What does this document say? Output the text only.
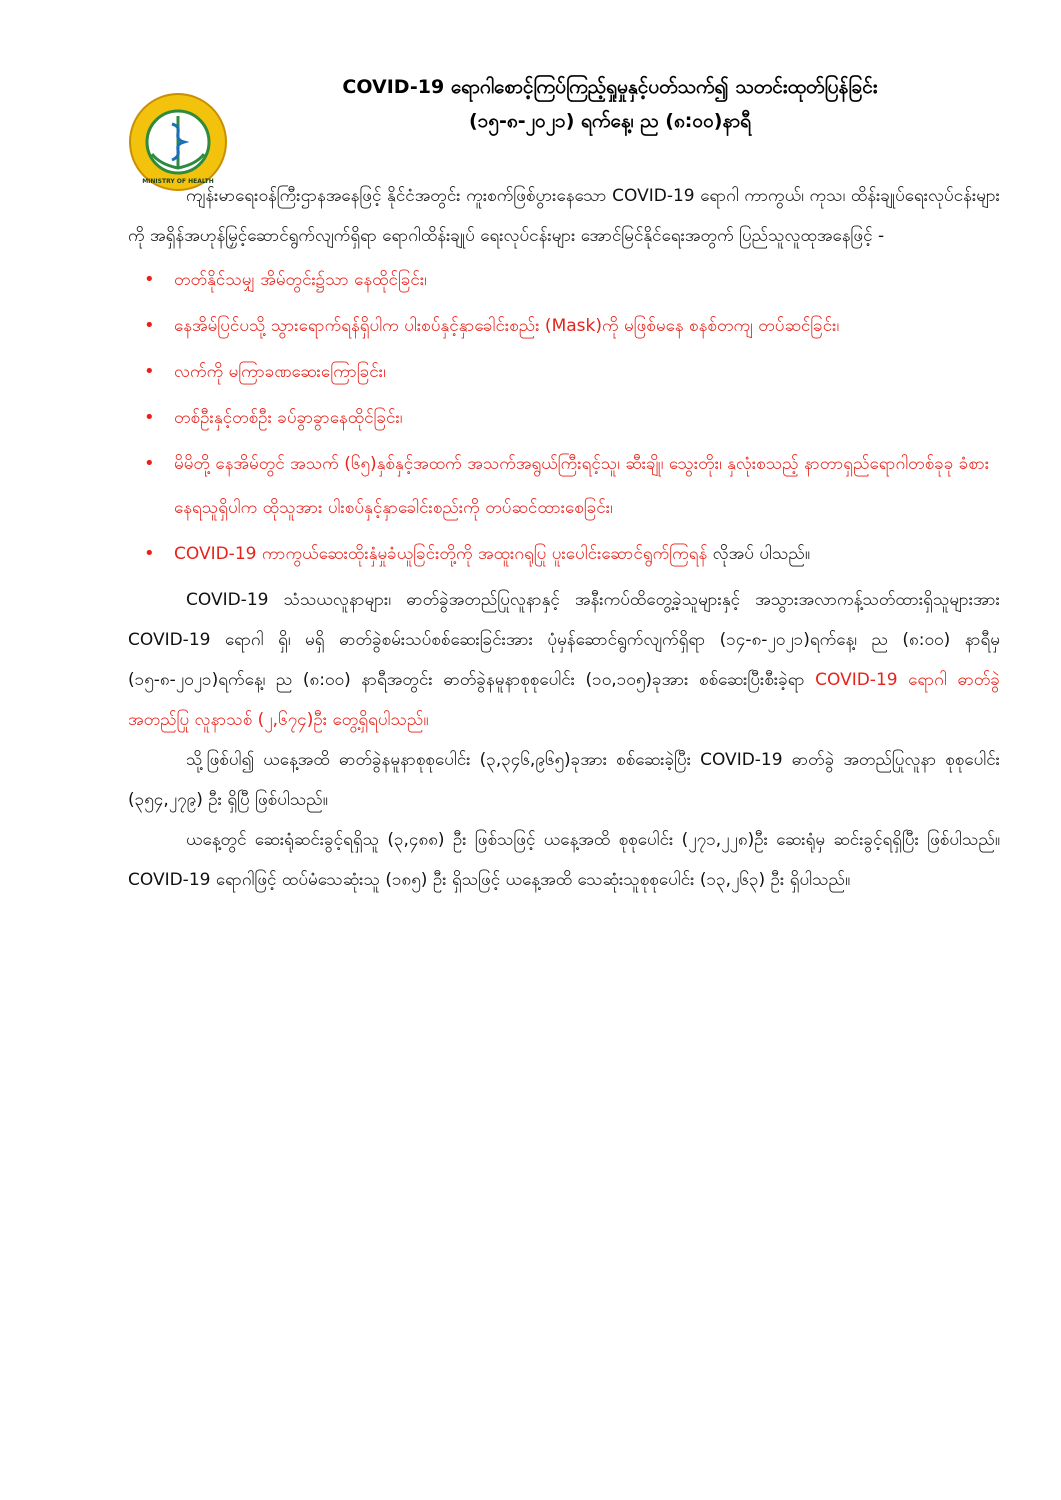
MINISTRY OF HEALTH
COVID-19 ရောဂါစောင့်ကြပ်ကြည့်ရှုမှုနှင့်ပတ်သက်၍ သတင်းထုတ်ပြန်ခြင်း
(၁၅-၈-၂၀၂၁) ရက်နေ့၊ ည (၈:၀၀)နာရီ

ကျန်းမာရေးဝန်ကြီးဌာနအနေဖြင့် နိုင်ငံအတွင်း ကူးစက်ဖြစ်ပွားနေသော COVID-19 ရောဂါ ကာကွယ်၊ ကုသ၊ ထိန်းချုပ်ရေးလုပ်ငန်းများကို အရှိန်အဟုန်မြှင့်ဆောင်ရွက်လျက်ရှိရာ ရောဂါထိန်းချုပ် ရေးလုပ်ငန်းများ အောင်မြင်နိုင်ရေးအတွက် ပြည်သူလူထုအနေဖြင့် -

• တတ်နိုင်သမျှ အိမ်တွင်း၌သာ နေထိုင်ခြင်း၊
• နေအိမ်ပြင်ပသို့ သွားရောက်ရန်ရှိပါက ပါးစပ်နှင့်နှာခေါင်းစည်း (Mask)ကို မဖြစ်မနေ စနစ်တကျ တပ်ဆင်ခြင်း၊
• လက်ကို မကြာခဏဆေးကြောခြင်း၊
• တစ်ဦးနှင့်တစ်ဦး ခပ်ခွာခွာနေထိုင်ခြင်း၊
• မိမိတို့ နေအိမ်တွင် အသက် (၆၅)နှစ်နှင့်အထက် အသက်အရွယ်ကြီးရင့်သူ၊ ဆီးချို၊ သွေးတိုး၊ နှလုံးစသည့် နာတာရှည်ရောဂါတစ်ခုခု ခံစားနေရသူရှိပါက ထိုသူအား ပါးစပ်နှင့်နှာခေါင်းစည်းကို တပ်ဆင်ထားစေခြင်း၊
• COVID-19 ကာကွယ်ဆေးထိုးနှံမှုခံယူခြင်းတို့ကို အထူးဂရုပြု ပူးပေါင်းဆောင်ရွက်ကြရန် လိုအပ် ပါသည်။

COVID-19 သံသယလူနာများ၊ ဓာတ်ခွဲအတည်ပြုလူနာနှင့် အနီးကပ်ထိတွေ့ခဲ့သူများနှင့် အသွားအလာကန့်သတ်ထားရှိသူများအား COVID-19 ရောဂါ ရှိ၊ မရှိ ဓာတ်ခွဲစမ်းသပ်စစ်ဆေးခြင်းအား ပုံမှန်ဆောင်ရွက်လျက်ရှိရာ (၁၄-၈-၂၀၂၁)ရက်နေ့၊ ည (၈:၀၀) နာရီမှ (၁၅-၈-၂၀၂၁)ရက်နေ့၊ ည (၈:၀၀) နာရီအတွင်း ဓာတ်ခွဲနမူနာစုစုပေါင်း (၁၀,၁၀၅)ခုအား စစ်ဆေးပြီးစီးခဲ့ရာ COVID-19 ရောဂါ ဓာတ်ခွဲ အတည်ပြု လူနာသစ် (၂,၆၇၄)ဦး တွေ့ရှိရပါသည်။

သို့ဖြစ်ပါ၍ ယနေ့အထိ ဓာတ်ခွဲနမူနာစုစုပေါင်း (၃,၃၄၆,၉၆၅)ခုအား စစ်ဆေးခဲ့ပြီး COVID-19 ဓာတ်ခွဲ အတည်ပြုလူနာ စုစုပေါင်း (၃၅၄,၂၇၉) ဦး ရှိပြီ ဖြစ်ပါသည်။

ယနေ့တွင် ဆေးရုံဆင်းခွင့်ရရှိသူ (၃,၄၈၈) ဦး ဖြစ်သဖြင့် ယနေ့အထိ စုစုပေါင်း (၂၇၁,၂၂၈)ဦး ဆေးရုံမှ ဆင်းခွင့်ရရှိပြီး ဖြစ်ပါသည်။ COVID-19 ရောဂါဖြင့် ထပ်မံသေဆုံးသူ (၁၈၅) ဦး ရှိသဖြင့် ယနေ့အထိ သေဆုံးသူစုစုပေါင်း (၁၃,၂၆၃) ဦး ရှိပါသည်။
